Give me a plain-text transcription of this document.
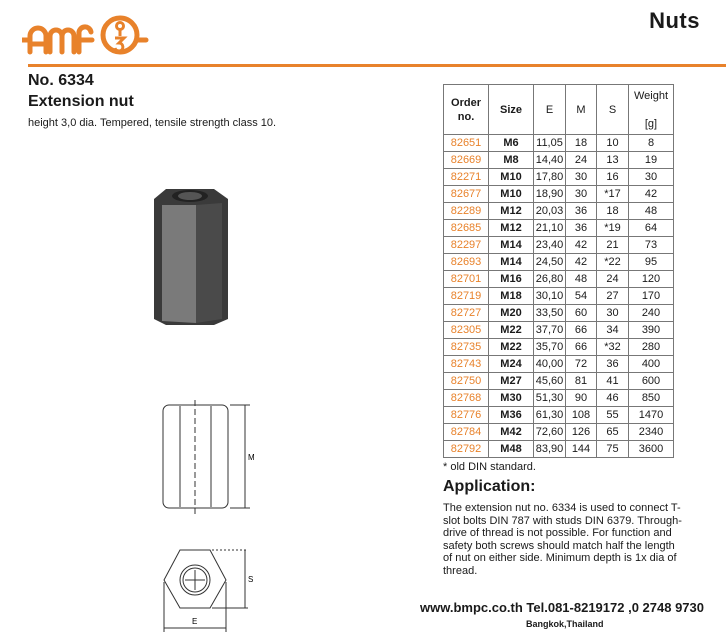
Nuts
No. 6334
Extension nut
height 3,0 dia. Tempered, tensile strength class 10.
M
S
E
Order no.	Size	E	M	S	Weight

[g]
82651	M6	11,05	18	10	8
82669	M8	14,40	24	13	19
82271	M10	17,80	30	16	30
82677	M10	18,90	30	*17	42
82289	M12	20,03	36	18	48
82685	M12	21,10	36	*19	64
82297	M14	23,40	42	21	73
82693	M14	24,50	42	*22	95
82701	M16	26,80	48	24	120
82719	M18	30,10	54	27	170
82727	M20	33,50	60	30	240
82305	M22	37,70	66	34	390
82735	M22	35,70	66	*32	280
82743	M24	40,00	72	36	400
82750	M27	45,60	81	41	600
82768	M30	51,30	90	46	850
82776	M36	61,30	108	55	1470
82784	M42	72,60	126	65	2340
82792	M48	83,90	144	75	3600
* old DIN standard.
Application:
The extension nut no. 6334 is used to connect T-slot bolts DIN 787 with studs DIN 6379. Through-drive of thread is not possible. For function and safety both screws should match half the length of nut on either side. Minimum depth is 1x dia of thread.
www.bmpc.co.th Tel.081-8219172 ,0 2748 9730
Bangkok,Thailand
